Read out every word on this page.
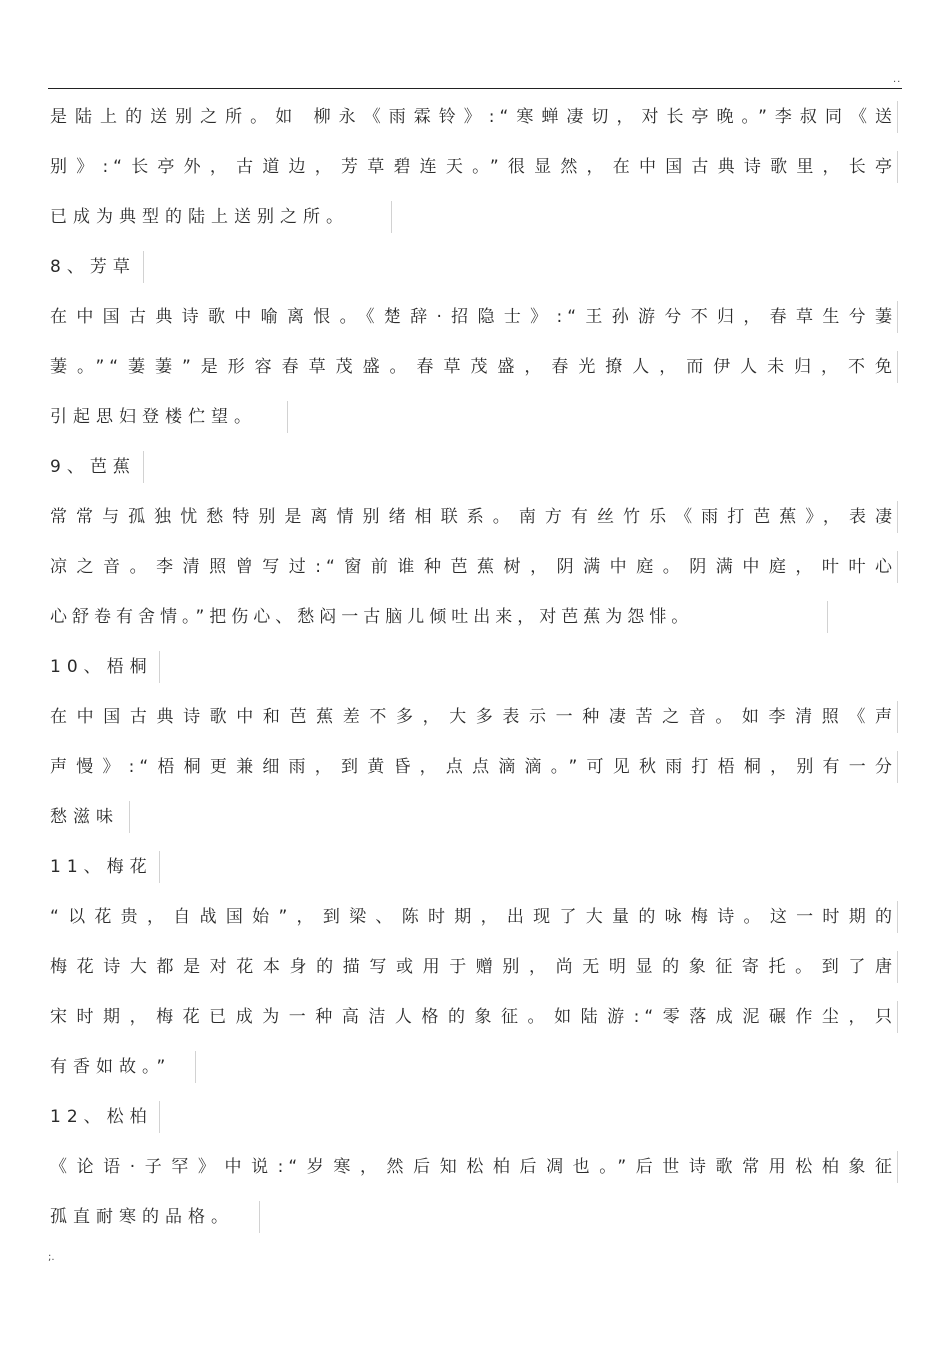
..
是陆上的送别之所。如 柳永《雨霖铃》:“寒蝉凄切，对长亭晚。”李叔同《送
别》:“长亭外，古道边，芳草碧连天。”很显然，在中国古典诗歌里，长亭
已成为典型的陆上送别之所。
8、芳草
在中国古典诗歌中喻离恨。《楚辞·招隐士》:“王孙游兮不归，春草生兮萋
萋。”“萋萋”是形容春草茂盛。春草茂盛，春光撩人，而伊人未归，不免
引起思妇登楼伫望。
9、芭蕉
常常与孤独忧愁特别是离情别绪相联系。南方有丝竹乐《雨打芭蕉》，表凄
凉之音。李清照曾写过:“窗前谁种芭蕉树，阴满中庭。阴满中庭，叶叶心
心舒卷有舍情。”把伤心、愁闷一古脑儿倾吐出来，对芭蕉为怨悱。
10、梧桐
在中国古典诗歌中和芭蕉差不多，大多表示一种凄苦之音。如李清照《声
声慢》:“梧桐更兼细雨，到黄昏，点点滴滴。”可见秋雨打梧桐，别有一分
愁滋味
11、梅花
“以花贵，自战国始”，到梁、陈时期，出现了大量的咏梅诗。这一时期的
梅花诗大都是对花本身的描写或用于赠别，尚无明显的象征寄托。到了唐
宋时期，梅花已成为一种高洁人格的象征。如陆游:“零落成泥碾作尘，只
有香如故。”
12、松柏
《论语·子罕》中说:“岁寒，然后知松柏后凋也。”后世诗歌常用松柏象征
孤直耐寒的品格。
;.
